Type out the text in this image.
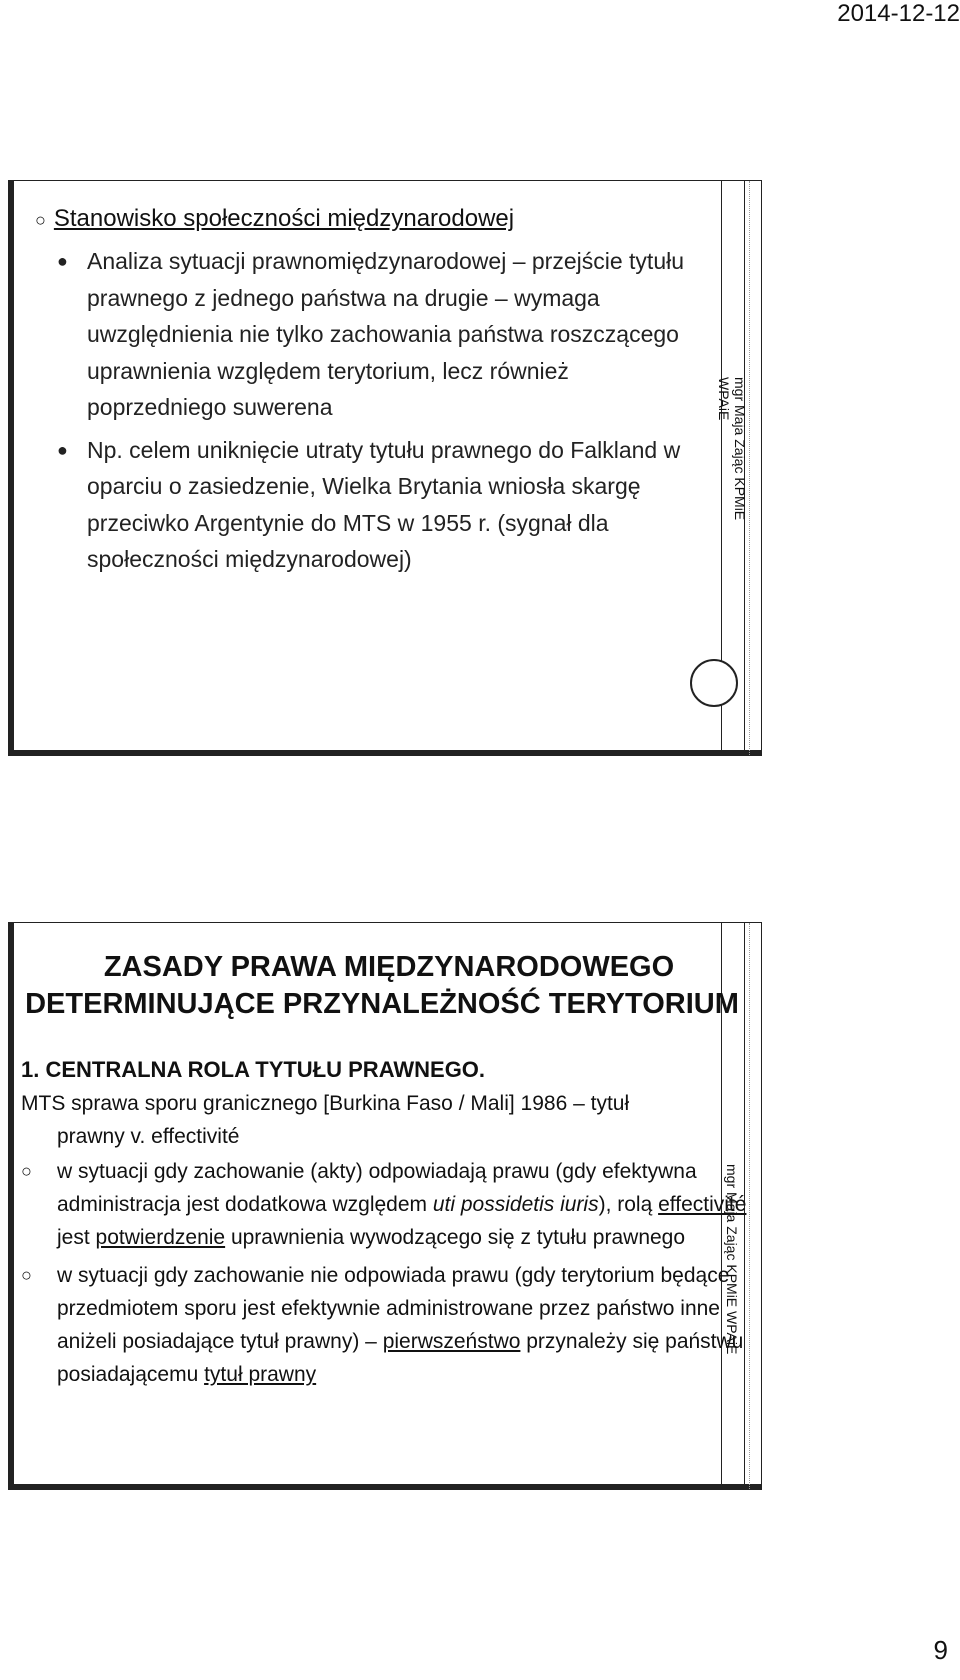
2014-12-12
mgr Maja Zając KPMiE WPAiE
○ Stanowisko społeczności międzynarodowej
● Analiza sytuacji prawnomiędzynarodowej – przejście tytułu prawnego z jednego państwa na drugie – wymaga uwzględnienia nie tylko zachowania państwa roszczącego uprawnienia względem terytorium, lecz również poprzedniego suwerena
● Np. celem uniknięcie utraty tytułu prawnego do Falkland w oparciu o zasiedzenie, Wielka Brytania wniosła skargę przeciwko Argentynie do MTS w 1955 r. (sygnał dla społeczności międzynarodowej)
mgr Maja Zając KPMiE WPAiE
ZASADY PRAWA MIĘDZYNARODOWEGO
DETERMINUJĄCE PRZYNALEŻNOŚĆ TERYTORIUM
1. CENTRALNA ROLA TYTUŁU PRAWNEGO.
MTS sprawa sporu granicznego [Burkina Faso / Mali] 1986 – tytuł
prawny v. effectivité
○	w sytuacji gdy zachowanie (akty) odpowiadają prawu (gdy efektywna administracja jest dodatkowa względem uti possidetis iuris), rolą effectivité jest potwierdzenie uprawnienia wywodzącego się z tytułu prawnego
○	w sytuacji gdy zachowanie nie odpowiada prawu (gdy terytorium będące przedmiotem sporu jest efektywnie administrowane przez państwo inne aniżeli posiadające tytuł prawny) – pierwszeństwo przynależy się państwu posiadającemu tytuł prawny
9
